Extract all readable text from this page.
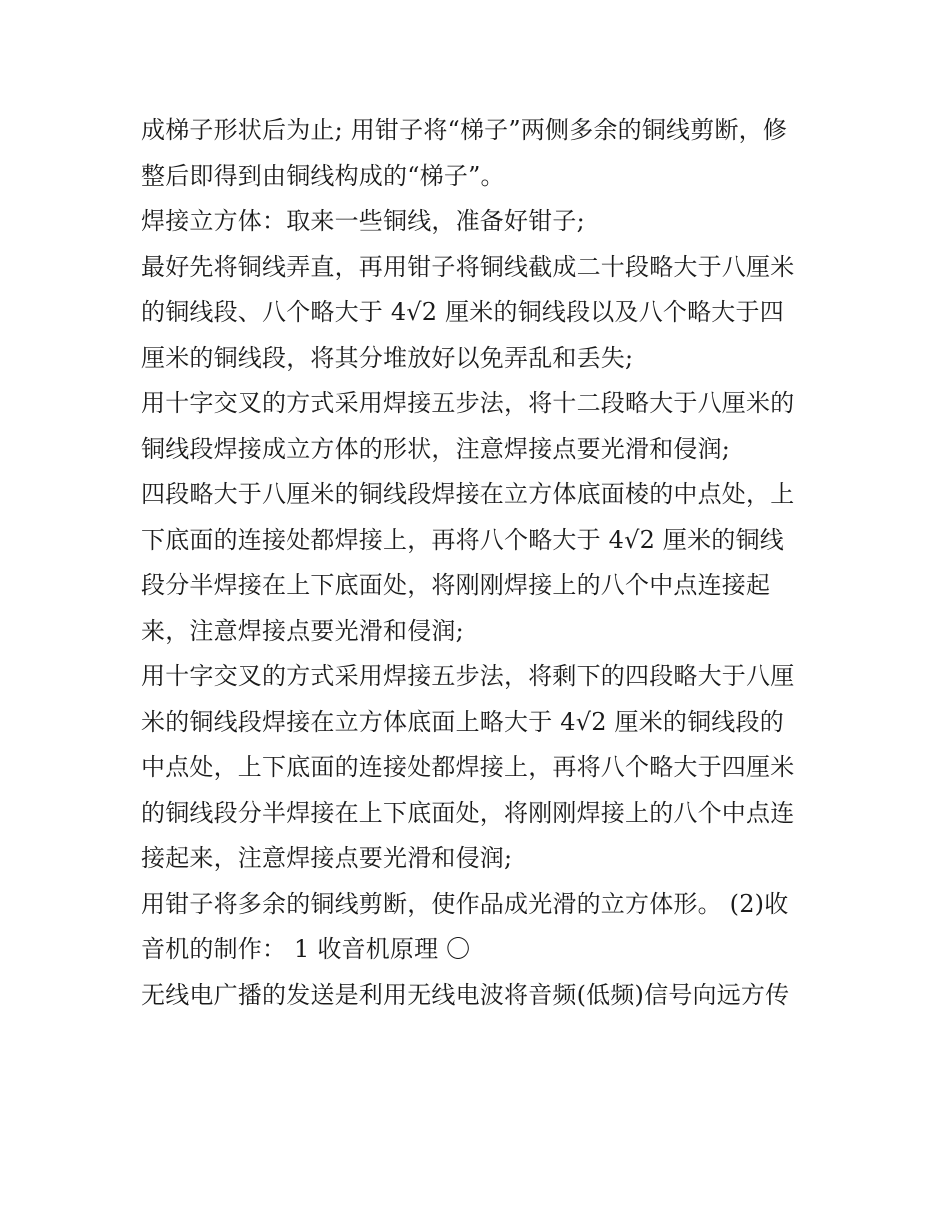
成梯子形状后为止; 用钳子将“梯子”两侧多余的铜线剪断，修
整后即得到由铜线构成的“梯子”。

焊接立方体：取来一些铜线，准备好钳子;

最好先将铜线弄直，再用钳子将铜线截成二十段略大于八厘米
的铜线段、八个略大于 4√2 厘米的铜线段以及八个略大于四
厘米的铜线段，将其分堆放好以免弄乱和丢失;

用十字交叉的方式采用焊接五步法，将十二段略大于八厘米的
铜线段焊接成立方体的形状，注意焊接点要光滑和侵润;

四段略大于八厘米的铜线段焊接在立方体底面棱的中点处，上
下底面的连接处都焊接上，再将八个略大于 4√2 厘米的铜线
段分半焊接在上下底面处，将刚刚焊接上的八个中点连接起
来，注意焊接点要光滑和侵润;

用十字交叉的方式采用焊接五步法，将剩下的四段略大于八厘
米的铜线段焊接在立方体底面上略大于 4√2 厘米的铜线段的
中点处，上下底面的连接处都焊接上，再将八个略大于四厘米
的铜线段分半焊接在上下底面处，将刚刚焊接上的八个中点连
接起来，注意焊接点要光滑和侵润;

用钳子将多余的铜线剪断，使作品成光滑的立方体形。 (2)收
音机的制作： 1 收音机原理 〇

无线电广播的发送是利用无线电波将音频(低频)信号向远方传
